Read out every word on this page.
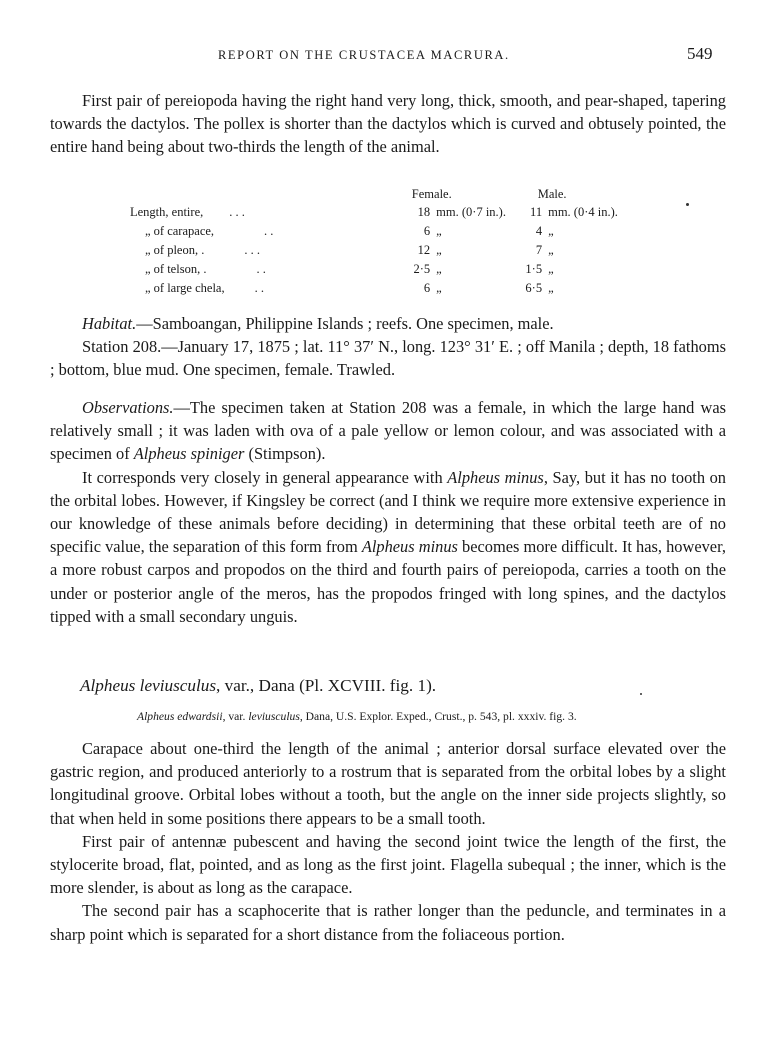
REPORT ON THE CRUSTACEA MACRURA.	549

First pair of pereiopoda having the right hand very long, thick, smooth, and pear-shaped, tapering towards the dactylos. The pollex is shorter than the dactylos which is curved and obtusely pointed, the entire hand being about two-thirds the length of the animal.

	Female.		Male.	
Length, entire, . . .	18	mm. (0·7 in.).	11	mm. (0·4 in.).
„ of carapace, . .	6	„	4	„
„ of pleon, . . . .	12	„	7	„
„ of telson, . . .	2·5	„	1·5	„
„ of large chela, . .	6	„	6·5	„

Habitat.—Samboangan, Philippine Islands ; reefs. One specimen, male.

Station 208.—January 17, 1875 ; lat. 11° 37′ N., long. 123° 31′ E. ; off Manila ; depth, 18 fathoms ; bottom, blue mud. One specimen, female. Trawled.

Observations.—The specimen taken at Station 208 was a female, in which the large hand was relatively small ; it was laden with ova of a pale yellow or lemon colour, and was associated with a specimen of Alpheus spiniger (Stimpson).

It corresponds very closely in general appearance with Alpheus minus, Say, but it has no tooth on the orbital lobes. However, if Kingsley be correct (and I think we require more extensive experience in our knowledge of these animals before deciding) in determining that these orbital teeth are of no specific value, the separation of this form from Alpheus minus becomes more difficult. It has, however, a more robust carpos and propodos on the third and fourth pairs of pereiopoda, carries a tooth on the under or posterior angle of the meros, has the propodos fringed with long spines, and the dactylos tipped with a small secondary unguis.

Alpheus leviusculus, var., Dana (Pl. XCVIII. fig. 1).

Alpheus edwardsii, var. leviusculus, Dana, U.S. Explor. Exped., Crust., p. 543, pl. xxxiv. fig. 3.

Carapace about one-third the length of the animal ; anterior dorsal surface elevated over the gastric region, and produced anteriorly to a rostrum that is separated from the orbital lobes by a slight longitudinal groove. Orbital lobes without a tooth, but the angle on the inner side projects slightly, so that when held in some positions there appears to be a small tooth.

First pair of antennæ pubescent and having the second joint twice the length of the first, the stylocerite broad, flat, pointed, and as long as the first joint. Flagella subequal ; the inner, which is the more slender, is about as long as the carapace.

The second pair has a scaphocerite that is rather longer than the peduncle, and terminates in a sharp point which is separated for a short distance from the foliaceous portion.
